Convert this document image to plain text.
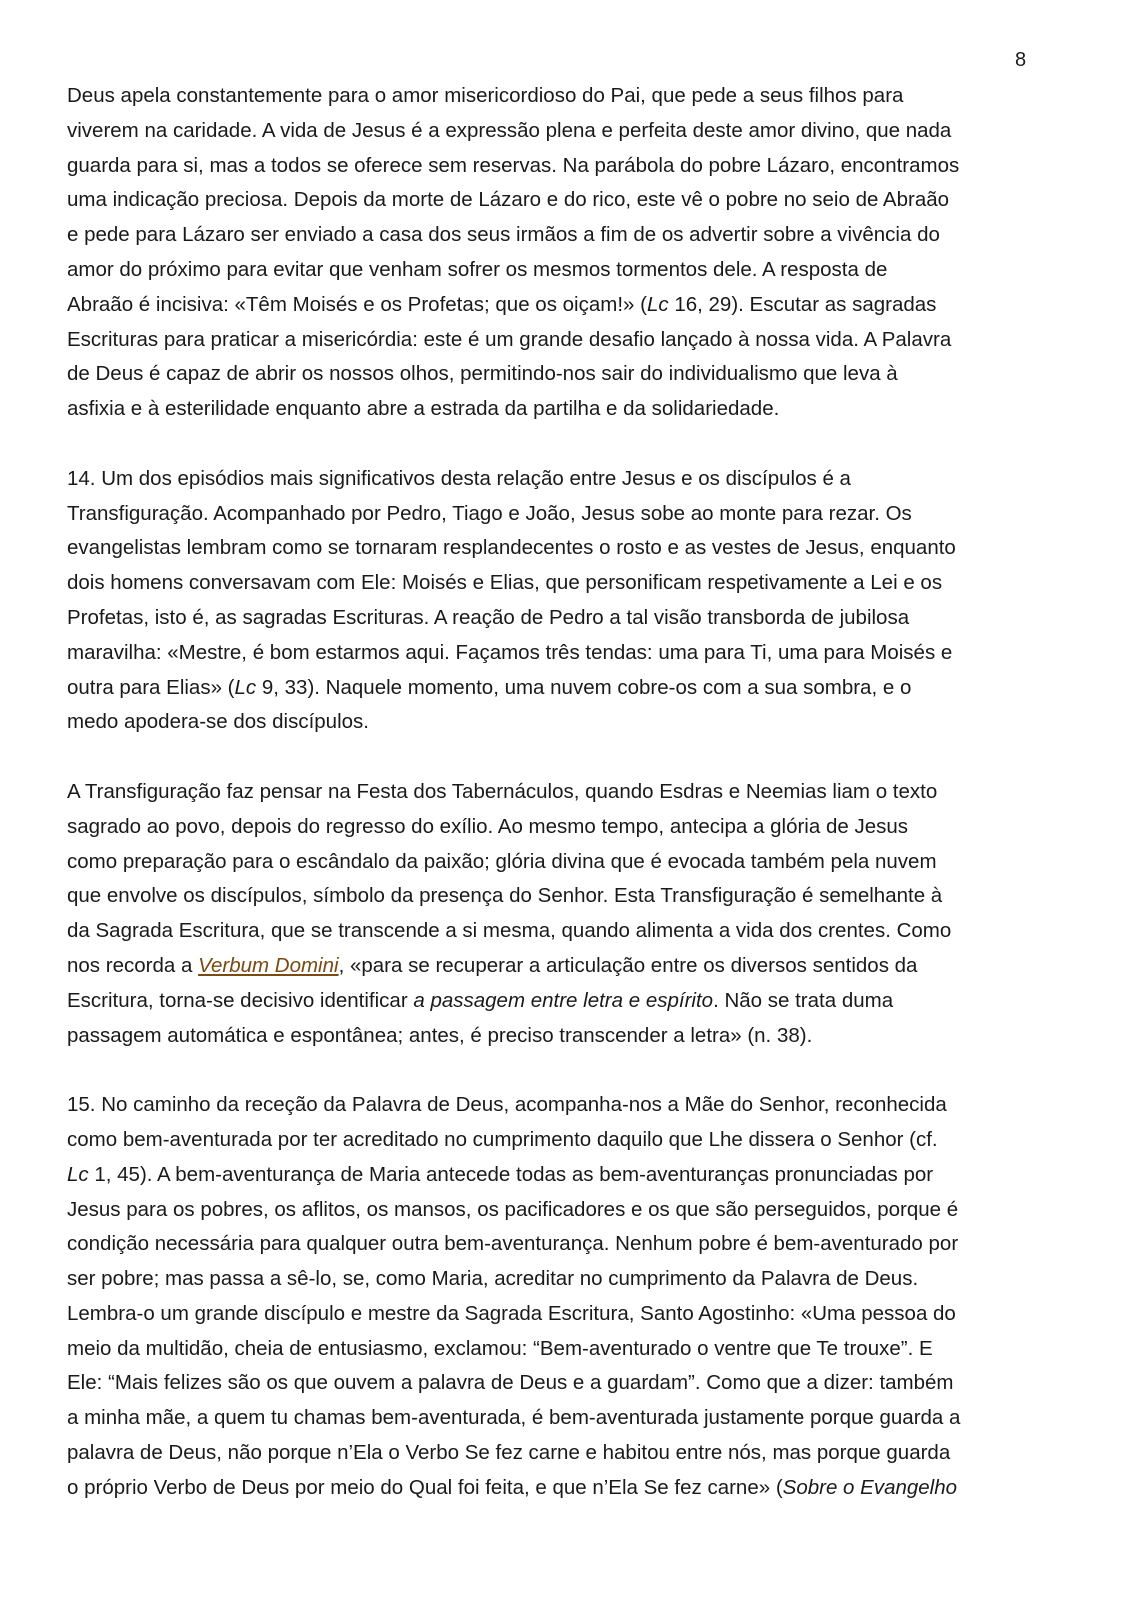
8

Deus apela constantemente para o amor misericordioso do Pai, que pede a seus filhos para
viverem na caridade. A vida de Jesus é a expressão plena e perfeita deste amor divino, que nada
guarda para si, mas a todos se oferece sem reservas. Na parábola do pobre Lázaro, encontramos
uma indicação preciosa. Depois da morte de Lázaro e do rico, este vê o pobre no seio de Abraão
e pede para Lázaro ser enviado a casa dos seus irmãos a fim de os advertir sobre a vivência do
amor do próximo para evitar que venham sofrer os mesmos tormentos dele. A resposta de
Abraão é incisiva: «Têm Moisés e os Profetas; que os oiçam!» (Lc 16, 29). Escutar as sagradas
Escrituras para praticar a misericórdia: este é um grande desafio lançado à nossa vida. A Palavra
de Deus é capaz de abrir os nossos olhos, permitindo-nos sair do individualismo que leva à
asfixia e à esterilidade enquanto abre a estrada da partilha e da solidariedade.

14. Um dos episódios mais significativos desta relação entre Jesus e os discípulos é a
Transfiguração. Acompanhado por Pedro, Tiago e João, Jesus sobe ao monte para rezar. Os
evangelistas lembram como se tornaram resplandecentes o rosto e as vestes de Jesus, enquanto
dois homens conversavam com Ele: Moisés e Elias, que personificam respetivamente a Lei e os
Profetas, isto é, as sagradas Escrituras. A reação de Pedro a tal visão transborda de jubilosa
maravilha: «Mestre, é bom estarmos aqui. Façamos três tendas: uma para Ti, uma para Moisés e
outra para Elias» (Lc 9, 33). Naquele momento, uma nuvem cobre-os com a sua sombra, e o
medo apodera-se dos discípulos.

A Transfiguração faz pensar na Festa dos Tabernáculos, quando Esdras e Neemias liam o texto
sagrado ao povo, depois do regresso do exílio. Ao mesmo tempo, antecipa a glória de Jesus
como preparação para o escândalo da paixão; glória divina que é evocada também pela nuvem
que envolve os discípulos, símbolo da presença do Senhor. Esta Transfiguração é semelhante à
da Sagrada Escritura, que se transcende a si mesma, quando alimenta a vida dos crentes. Como
nos recorda a Verbum Domini, «para se recuperar a articulação entre os diversos sentidos da
Escritura, torna-se decisivo identificar a passagem entre letra e espírito. Não se trata duma
passagem automática e espontânea; antes, é preciso transcender a letra» (n. 38).

15. No caminho da receção da Palavra de Deus, acompanha-nos a Mãe do Senhor, reconhecida
como bem-aventurada por ter acreditado no cumprimento daquilo que Lhe dissera o Senhor (cf.
Lc 1, 45). A bem-aventurança de Maria antecede todas as bem-aventuranças pronunciadas por
Jesus para os pobres, os aflitos, os mansos, os pacificadores e os que são perseguidos, porque é
condição necessária para qualquer outra bem-aventurança. Nenhum pobre é bem-aventurado por
ser pobre; mas passa a sê-lo, se, como Maria, acreditar no cumprimento da Palavra de Deus.
Lembra-o um grande discípulo e mestre da Sagrada Escritura, Santo Agostinho: «Uma pessoa do
meio da multidão, cheia de entusiasmo, exclamou: “Bem-aventurado o ventre que Te trouxe”. E
Ele: “Mais felizes são os que ouvem a palavra de Deus e a guardam”. Como que a dizer: também
a minha mãe, a quem tu chamas bem-aventurada, é bem-aventurada justamente porque guarda a
palavra de Deus, não porque n’Ela o Verbo Se fez carne e habitou entre nós, mas porque guarda
o próprio Verbo de Deus por meio do Qual foi feita, e que n’Ela Se fez carne» (Sobre o Evangelho
